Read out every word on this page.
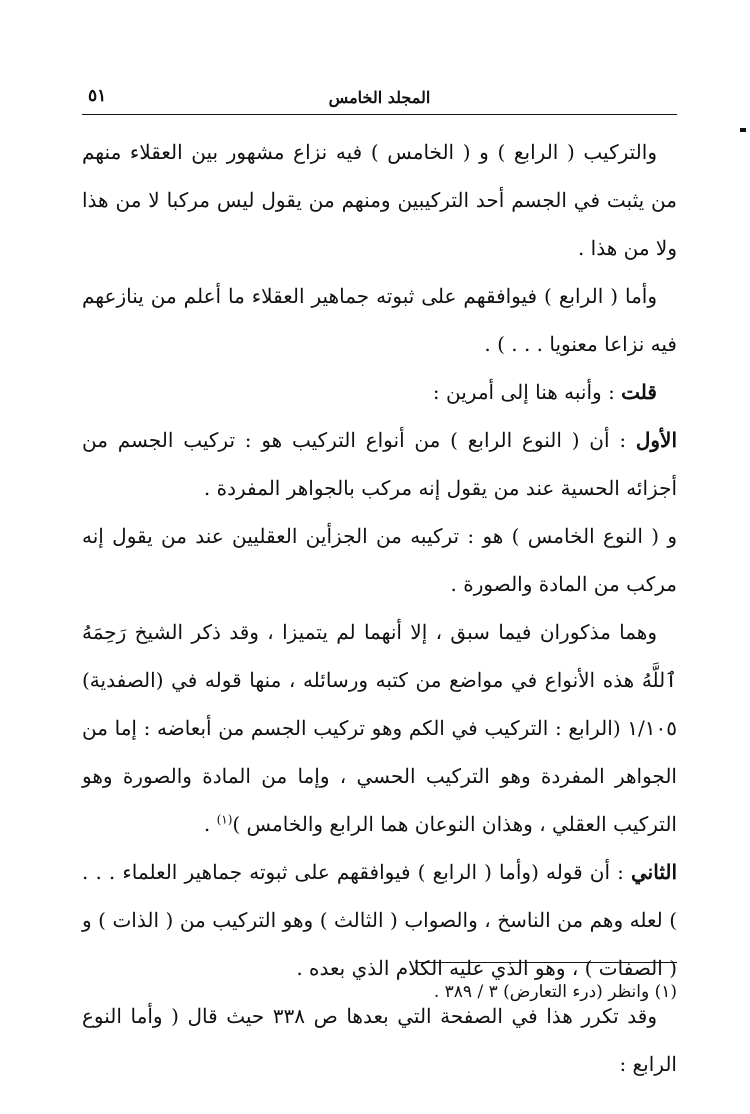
٥١	المجلد الخامس

والتركيب ( الرابع ) و ( الخامس ) فيه نزاع مشهور بين العقلاء منهم من يثبت في الجسم أحد التركيبين ومنهم من يقول ليس مركبا لا من هذا ولا من هذا .

وأما ( الرابع ) فيوافقهم على ثبوته جماهير العقلاء ما أعلم من ينازعهم فيه نزاعا معنويا . . . ) .

قلت : وأنبه هنا إلى أمرين :

الأول : أن ( النوع الرابع ) من أنواع التركيب هو : تركيب الجسم من أجزائه الحسية عند من يقول إنه مركب بالجواهر المفردة .

و ( النوع الخامس ) هو : تركيبه من الجزأين العقليين عند من يقول إنه مركب من المادة والصورة .

وهما مذكوران فيما سبق ، إلا أنهما لم يتميزا ، وقد ذكر الشيخ رَحِمَهُ ٱللَّهُ هذه الأنواع في مواضع من كتبه ورسائله ، منها قوله في (الصفدية) ١/١٠٥ (الرابع : التركيب في الكم وهو تركيب الجسم من أبعاضه : إما من الجواهر المفردة وهو التركيب الحسي ، وإما من المادة والصورة وهو التركيب العقلي ، وهذان النوعان هما الرابع والخامس )$^{(١)}$ .

الثاني : أن قوله (وأما ( الرابع ) فيوافقهم على ثبوته جماهير العلماء . . . ) لعله وهم من الناسخ ، والصواب ( الثالث ) وهو التركيب من ( الذات ) و ( الصفات ) ، وهو الذي عليه الكلام الذي بعده .

وقد تكرر هذا في الصفحة التي بعدها ص ٣٣٨ حيث قال ( وأما النوع الرابع :

(١) وانظر (درء التعارض) ٣ / ٣٨٩ .
